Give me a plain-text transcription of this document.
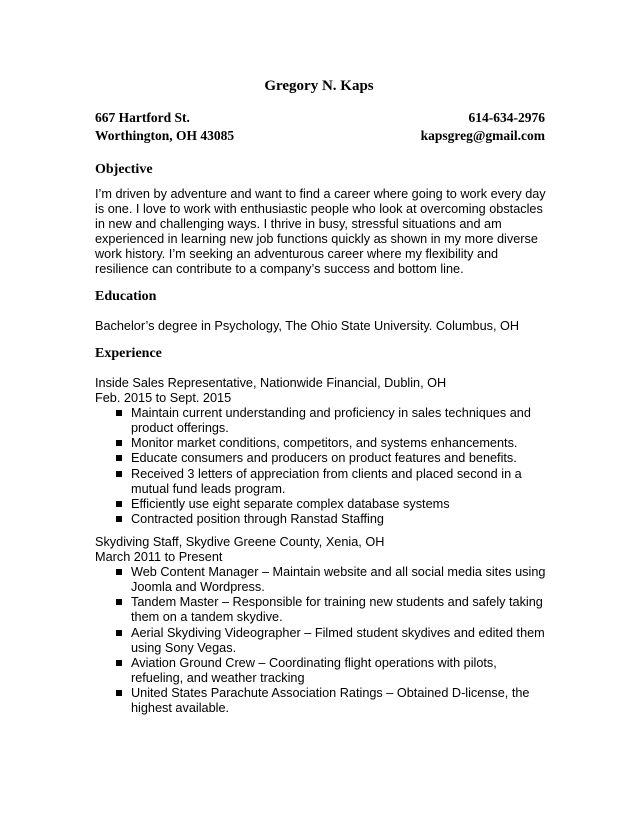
Gregory N. Kaps
667 Hartford St.	614-634-2976
Worthington, OH 43085	kapsgreg@gmail.com
Objective
I’m driven by adventure and want to find a career where going to work every day
is one. I love to work with enthusiastic people who look at overcoming obstacles
in new and challenging ways. I thrive in busy, stressful situations and am
experienced in learning new job functions quickly as shown in my more diverse
work history. I’m seeking an adventurous career where my flexibility and
resilience can contribute to a company’s success and bottom line.
Education
Bachelor’s degree in Psychology, The Ohio State University. Columbus, OH
Experience
Inside Sales Representative, Nationwide Financial, Dublin, OH
Feb. 2015 to Sept. 2015
Maintain current understanding and proficiency in sales techniques and
product offerings.
Monitor market conditions, competitors, and systems enhancements.
Educate consumers and producers on product features and benefits.
Received 3 letters of appreciation from clients and placed second in a
mutual fund leads program.
Efficiently use eight separate complex database systems
Contracted position through Ranstad Staffing
Skydiving Staff, Skydive Greene County, Xenia, OH
March 2011 to Present
Web Content Manager – Maintain website and all social media sites using
Joomla and Wordpress.
Tandem Master – Responsible for training new students and safely taking
them on a tandem skydive.
Aerial Skydiving Videographer – Filmed student skydives and edited them
using Sony Vegas.
Aviation Ground Crew – Coordinating flight operations with pilots,
refueling, and weather tracking
United States Parachute Association Ratings – Obtained D-license, the
highest available.
